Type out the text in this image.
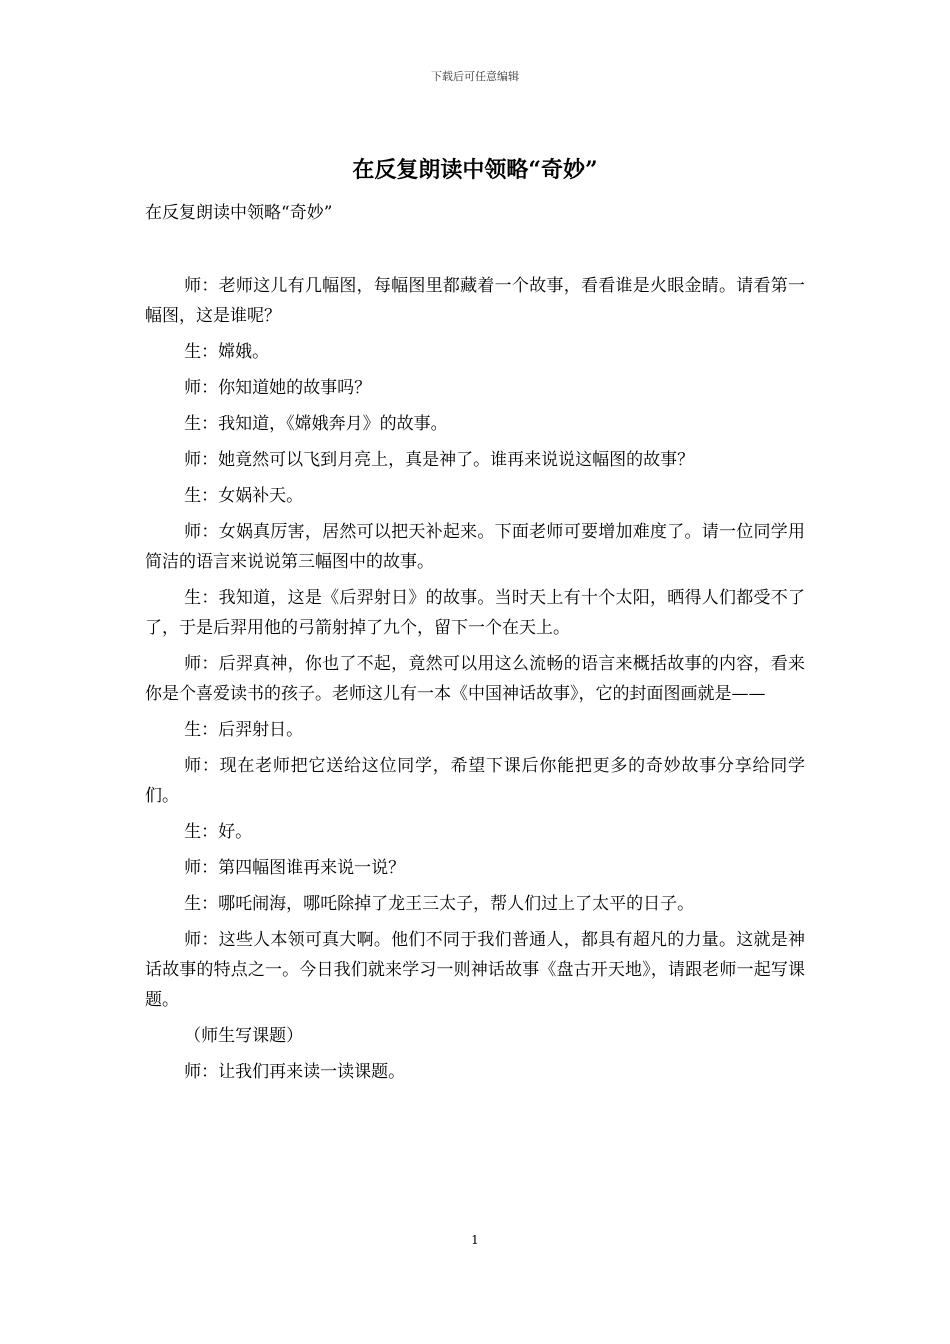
下载后可任意编辑
在反复朗读中领略“奇妙”

在反复朗读中领略“奇妙”

师：老师这儿有几幅图，每幅图里都藏着一个故事，看看谁是火眼金睛。请看第一幅图，这是谁呢？

生：嫦娥。

师：你知道她的故事吗？

生：我知道，《嫦娥奔月》的故事。

师：她竟然可以飞到月亮上，真是神了。谁再来说说这幅图的故事？

生：女娲补天。

师：女娲真厉害，居然可以把天补起来。下面老师可要增加难度了。请一位同学用简洁的语言来说说第三幅图中的故事。

生：我知道，这是《后羿射日》的故事。当时天上有十个太阳，晒得人们都受不了了，于是后羿用他的弓箭射掉了九个，留下一个在天上。

师：后羿真神，你也了不起，竟然可以用这么流畅的语言来概括故事的内容，看来你是个喜爱读书的孩子。老师这儿有一本《中国神话故事》，它的封面图画就是——

生：后羿射日。

师：现在老师把它送给这位同学，希望下课后你能把更多的奇妙故事分享给同学们。

生：好。

师：第四幅图谁再来说一说？

生：哪吒闹海，哪吒除掉了龙王三太子，帮人们过上了太平的日子。

师：这些人本领可真大啊。他们不同于我们普通人，都具有超凡的力量。这就是神话故事的特点之一。今日我们就来学习一则神话故事《盘古开天地》，请跟老师一起写课题。

（师生写课题）

师：让我们再来读一读课题。

1
